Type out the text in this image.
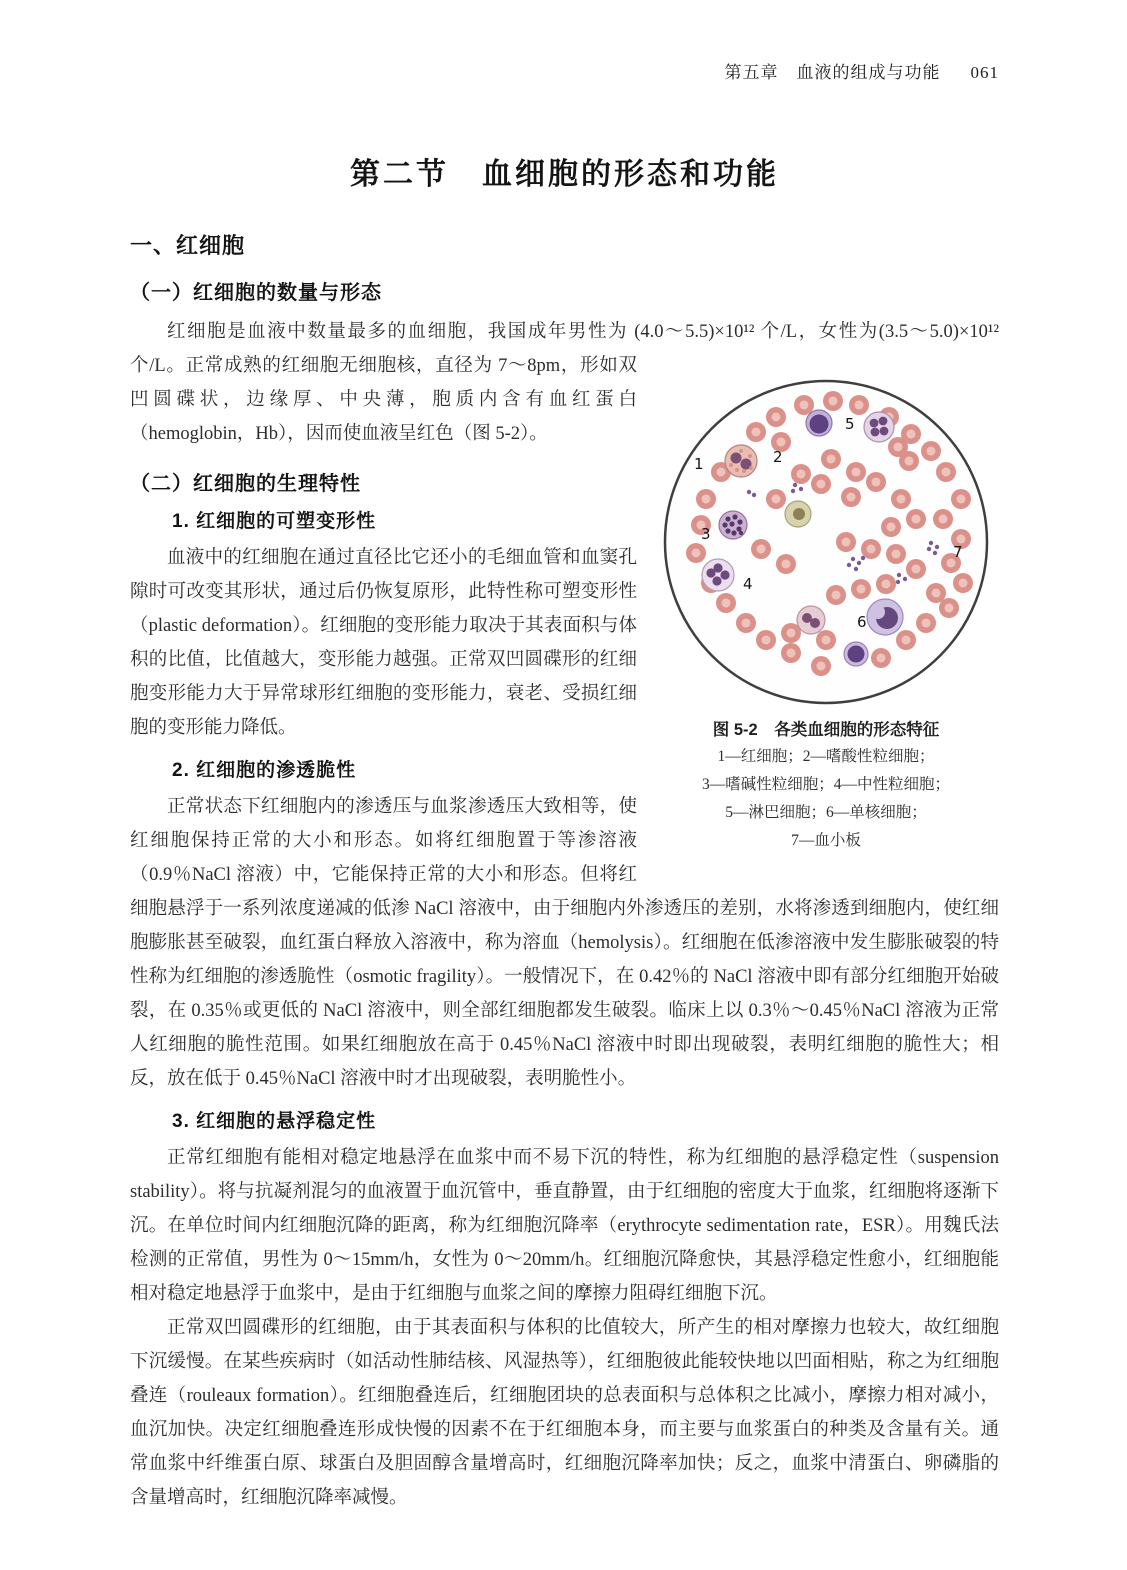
第五章　血液的组成与功能 061
第二节　血细胞的形态和功能
一、红细胞
（一）红细胞的数量与形态

红细胞是血液中数量最多的血细胞，我国成年男性为 (4.0～5.5)×10¹² 个/L，女性为
1	2
3
4
5
6
7
图 5-2　各类血细胞的形态特征
1—红细胞；2—嗜酸性粒细胞；
3—嗜碱性粒细胞；4—中性粒细胞；
5—淋巴细胞；6—单核细胞；
7—血小板
(3.5～5.0)×10¹² 个/L。正常成熟的红细胞无细胞核，直径为 7～8pm，形如双凹圆碟状，边缘厚、中央薄，胞质内含有血红蛋白（hemoglobin，Hb），因而使血液呈红色（图 5-2）。

（二）红细胞的生理特性
1. 红细胞的可塑变形性

血液中的红细胞在通过直径比它还小的毛细血管和血窦孔隙时可改变其形状，通过后仍恢复原形，此特性称可塑变形性（plastic deformation）。红细胞的变形能力取决于其表面积与体积的比值，比值越大，变形能力越强。正常双凹圆碟形的红细胞变形能力大于异常球形红细胞的变形能力，衰老、受损红细胞的变形能力降低。

2. 红细胞的渗透脆性

正常状态下红细胞内的渗透压与血浆渗透压大致相等，使红细胞保持正常的大小和形态。如将红细胞置于等渗溶液（0.9％NaCl 溶液）中，它能保持正常的大小和形态。但将红细胞悬浮于一系列浓度递减的低渗 NaCl 溶液中，由于细胞内外渗透压的差别，水将渗透到细胞内，使红细胞膨胀甚至破裂，血红蛋白释放入溶液中，称为溶血（hemolysis）。红细胞在低渗溶液中发生膨胀破裂的特性称为红细胞的渗透脆性（osmotic fragility）。一般情况下，在 0.42％的 NaCl 溶液中即有部分红细胞开始破裂，在 0.35％或更低的 NaCl 溶液中，则全部红细胞都发生破裂。临床上以 0.3％～0.45％NaCl 溶液为正常人红细胞的脆性范围。如果红细胞放在高于 0.45％NaCl 溶液中时即出现破裂，表明红细胞的脆性大；相反，放在低于 0.45％NaCl 溶液中时才出现破裂，表明脆性小。

3. 红细胞的悬浮稳定性

正常红细胞有能相对稳定地悬浮在血浆中而不易下沉的特性，称为红细胞的悬浮稳定性（suspension stability）。将与抗凝剂混匀的血液置于血沉管中，垂直静置，由于红细胞的密度大于血浆，红细胞将逐渐下沉。在单位时间内红细胞沉降的距离，称为红细胞沉降率（erythrocyte sedimentation rate，ESR）。用魏氏法检测的正常值，男性为 0～15mm/h，女性为 0～20mm/h。红细胞沉降愈快，其悬浮稳定性愈小，红细胞能相对稳定地悬浮于血浆中，是由于红细胞与血浆之间的摩擦力阻碍红细胞下沉。

正常双凹圆碟形的红细胞，由于其表面积与体积的比值较大，所产生的相对摩擦力也较大，故红细胞下沉缓慢。在某些疾病时（如活动性肺结核、风湿热等），红细胞彼此能较快地以凹面相贴，称之为红细胞叠连（rouleaux formation）。红细胞叠连后，红细胞团块的总表面积与总体积之比减小，摩擦力相对减小，血沉加快。决定红细胞叠连形成快慢的因素不在于红细胞本身，而主要与血浆蛋白的种类及含量有关。通常血浆中纤维蛋白原、球蛋白及胆固醇含量增高时，红细胞沉降率加快；反之，血浆中清蛋白、卵磷脂的含量增高时，红细胞沉降率减慢。
